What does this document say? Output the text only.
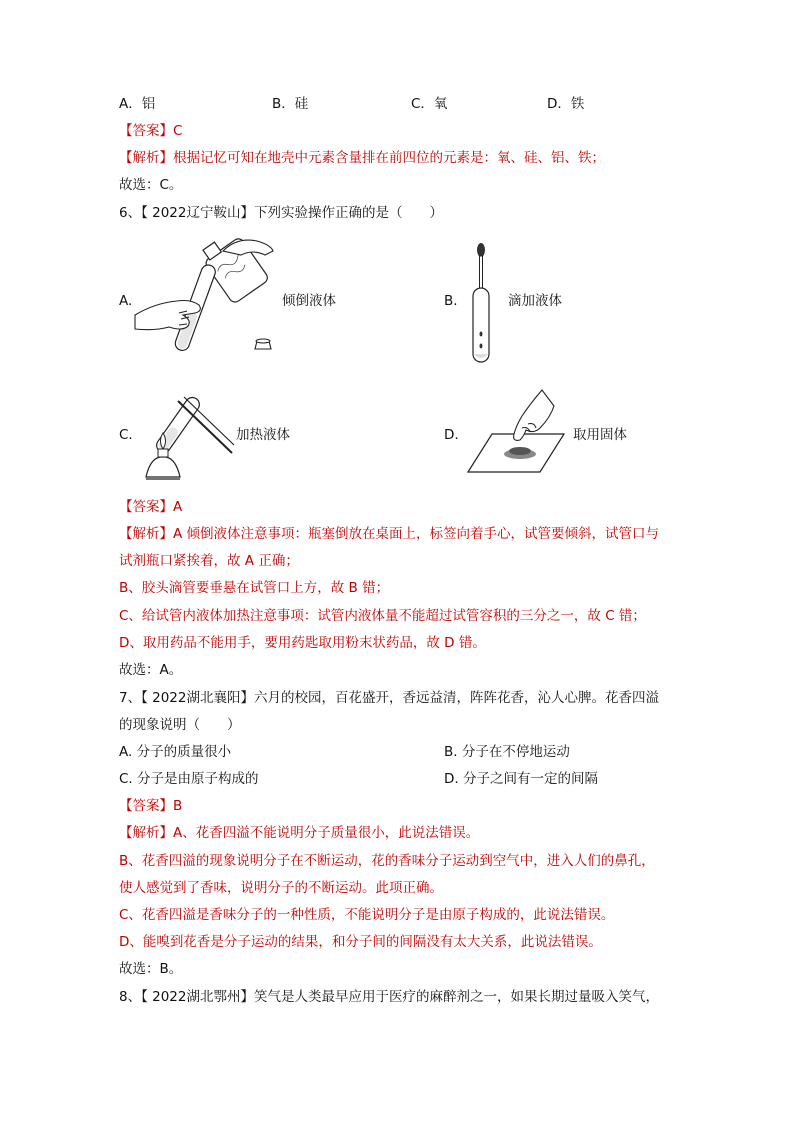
A．铝	B．硅	C．氧	D．铁
【答案】C
【解析】根据记忆可知在地壳中元素含量排在前四位的元素是：氧、硅、铝、铁；
故选：C。
6、【 2022辽宁鞍山】下列实验操作正确的是（　　）
A.	倾倒液体	B.	滴加液体
C.	加热液体	D.	取用固体
【答案】A
【解析】A 倾倒液体注意事项：瓶塞倒放在桌面上，标签向着手心，试管要倾斜，试管口与
试剂瓶口紧挨着，故 A 正确；
B、胶头滴管要垂悬在试管口上方，故 B 错；
C、给试管内液体加热注意事项：试管内液体量不能超过试管容积的三分之一，故 C 错；
D、取用药品不能用手，要用药匙取用粉末状药品，故 D 错。
故选：A。
7、【 2022湖北襄阳】六月的校园，百花盛开，香远益清，阵阵花香，沁人心脾。花香四溢
的现象说明（　　）
A. 分子的质量很小	B. 分子在不停地运动
C. 分子是由原子构成的	D. 分子之间有一定的间隔
【答案】B
【解析】A、花香四溢不能说明分子质量很小，此说法错误。
B、花香四溢的现象说明分子在不断运动，花的香味分子运动到空气中，进入人们的鼻孔，
使人感觉到了香味，说明分子的不断运动。此项正确。
C、花香四溢是香味分子的一种性质，不能说明分子是由原子构成的，此说法错误。
D、能嗅到花香是分子运动的结果，和分子间的间隔没有太大关系，此说法错误。
故选：B。
8、【 2022湖北鄂州】笑气是人类最早应用于医疗的麻醉剂之一，如果长期过量吸入笑气，
